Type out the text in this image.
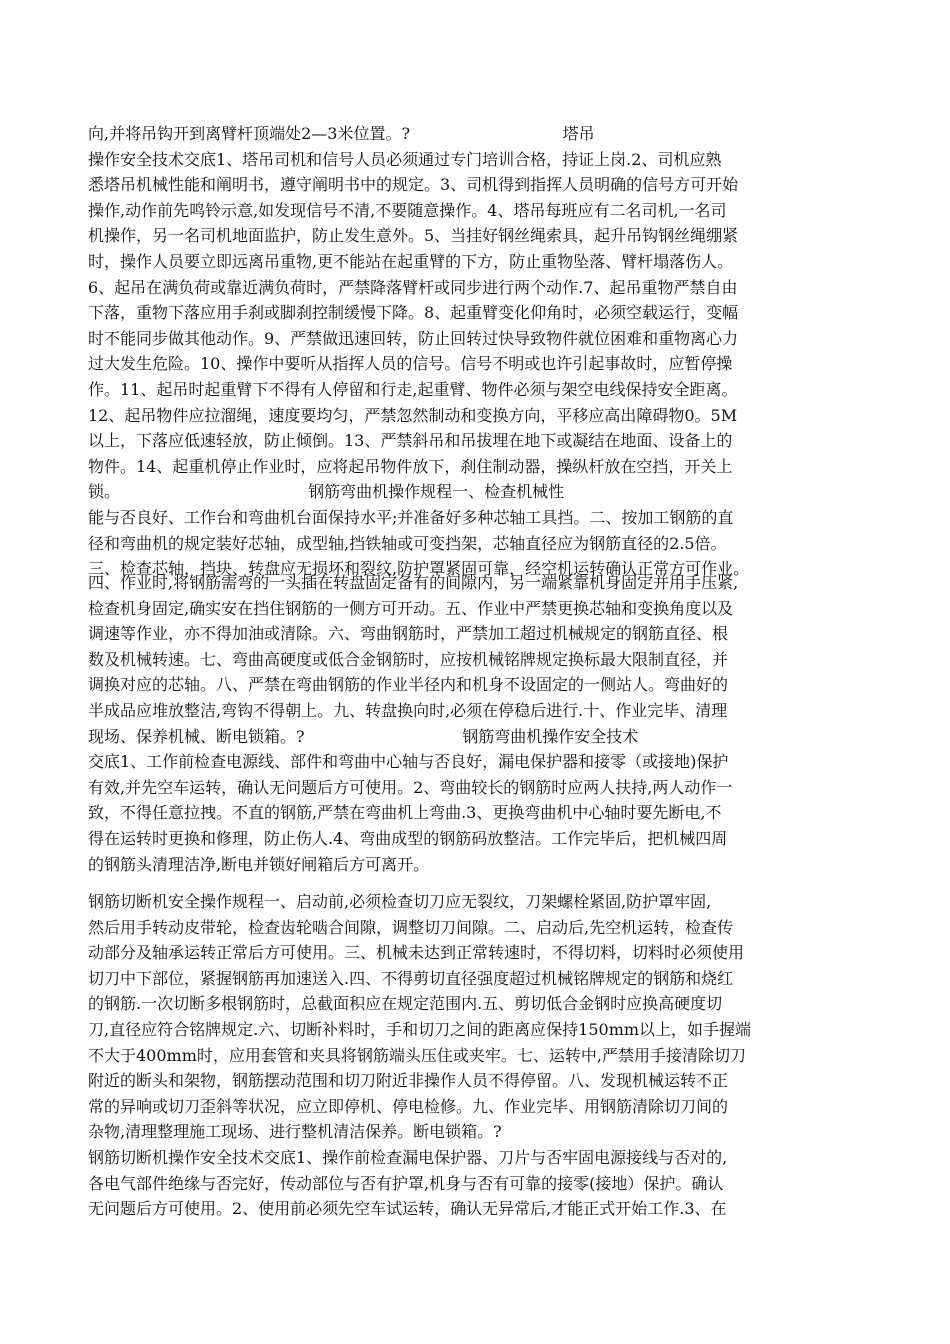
向,并将吊钩开到离臂杆顶端处2—3米位置。?                              塔吊
操作安全技术交底1、塔吊司机和信号人员必须通过专门培训合格，持证上岗.2、司机应熟
悉塔吊机械性能和阐明书，遵守阐明书中的规定。3、司机得到指挥人员明确的信号方可开始
操作,动作前先鸣铃示意,如发现信号不清,不要随意操作。4、塔吊每班应有二名司机,一名司
机操作，另一名司机地面监护，防止发生意外。5、当挂好钢丝绳索具，起升吊钩钢丝绳绷紧
时，操作人员要立即远离吊重物,更不能站在起重臂的下方，防止重物坠落、臂杆塌落伤人。
6、起吊在满负荷或靠近满负荷时，严禁降落臂杆或同步进行两个动作.7、起吊重物严禁自由
下落，重物下落应用手刹或脚刹控制缓慢下降。8、起重臂变化仰角时，必须空载运行，变幅
时不能同步做其他动作。9、严禁做迅速回转，防止回转过快导致物件就位困难和重物离心力
过大发生危险。10、操作中要听从指挥人员的信号。信号不明或也许引起事故时，应暂停操
作。11、起吊时起重臂下不得有人停留和行走,起重臂、物件必须与架空电线保持安全距离。
12、起吊物件应拉溜绳，速度要均匀，严禁忽然制动和变换方向，平移应高出障碍物0。5M
以上，下落应低速轻放，防止倾倒。13、严禁斜吊和吊拔埋在地下或凝结在地面、设备上的
物件。14、起重机停止作业时，应将起吊物件放下，刹住制动器，操纵杆放在空挡，开关上
锁。                                     钢筋弯曲机操作规程一、检查机械性
能与否良好、工作台和弯曲机台面保持水平;并准备好多种芯轴工具挡。二、按加工钢筋的直
径和弯曲机的规定装好芯轴，成型轴,挡铁轴或可变挡架，芯轴直径应为钢筋直径的2.5倍。
三、检查芯轴，挡块、转盘应无损坏和裂纹,防护罩紧固可靠，经空机运转确认正常方可作业。
四、作业时,将钢筋需弯的一头插在转盘固定备有的间隙内，另一端紧靠机身固定并用手压紧,
检查机身固定,确实安在挡住钢筋的一侧方可开动。五、作业中严禁更换芯轴和变换角度以及
调速等作业，亦不得加油或清除。六、弯曲钢筋时，严禁加工超过机械规定的钢筋直径、根
数及机械转速。七、弯曲高硬度或低合金钢筋时，应按机械铭牌规定换标最大限制直径，并
调换对应的芯轴。八、严禁在弯曲钢筋的作业半径内和机身不设固定的一侧站人。弯曲好的
半成品应堆放整洁,弯钩不得朝上。九、转盘换向时,必须在停稳后进行.十、作业完毕、清理
现场、保养机械、断电锁箱。?                               钢筋弯曲机操作安全技术
交底1、工作前检查电源线、部件和弯曲中心轴与否良好，漏电保护器和接零（或接地)保护
有效,并先空车运转，确认无问题后方可使用。2、弯曲较长的钢筋时应两人扶持,两人动作一
致，不得任意拉拽。不直的钢筋,严禁在弯曲机上弯曲.3、更换弯曲机中心轴时要先断电,不
得在运转时更换和修理，防止伤人.4、弯曲成型的钢筋码放整洁。工作完毕后，把机械四周
的钢筋头清理洁净,断电并锁好闸箱后方可离开。
钢筋切断机安全操作规程一、启动前,必须检查切刀应无裂纹，刀架螺栓紧固,防护罩牢固,
然后用手转动皮带轮，检查齿轮啮合间隙，调整切刀间隙。二、启动后,先空机运转，检查传
动部分及轴承运转正常后方可使用。三、机械未达到正常转速时，不得切料，切料时必须使用
切刀中下部位，紧握钢筋再加速送入.四、不得剪切直径强度超过机械铭牌规定的钢筋和烧红
的钢筋.一次切断多根钢筋时，总截面积应在规定范围内.五、剪切低合金钢时应换高硬度切
刀,直径应符合铭牌规定.六、切断补料时，手和切刀之间的距离应保持150mm以上，如手握端
不大于400mm时，应用套管和夹具将钢筋端头压住或夹牢。七、运转中,严禁用手接清除切刀
附近的断头和架物，钢筋摆动范围和切刀附近非操作人员不得停留。八、发现机械运转不正
常的异响或切刀歪斜等状况，应立即停机、停电检修。九、作业完毕、用钢筋清除切刀间的
杂物,清理整理施工现场、进行整机清洁保养。断电锁箱。?
钢筋切断机操作安全技术交底1、操作前检查漏电保护器、刀片与否牢固电源接线与否对的,
各电气部件绝缘与否完好，传动部位与否有护罩,机身与否有可靠的接零(接地）保护。确认
无问题后方可使用。2、使用前必须先空车试运转，确认无异常后,才能正式开始工作.3、在
